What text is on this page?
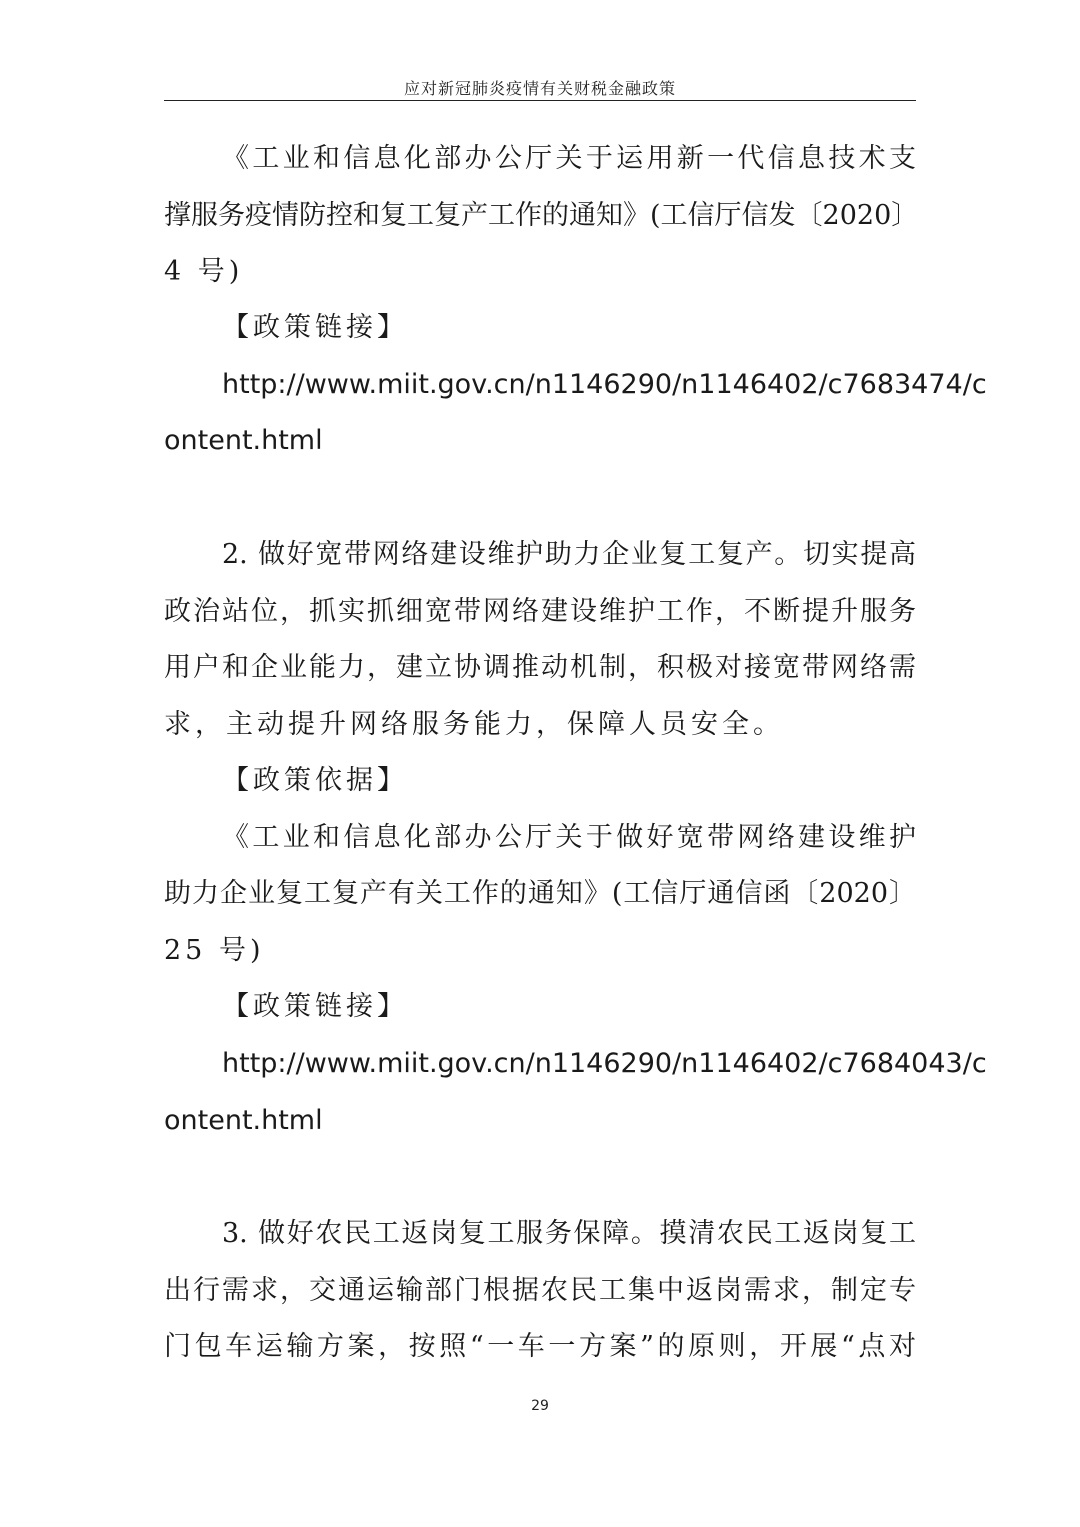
应对新冠肺炎疫情有关财税金融政策
《工业和信息化部办公厅关于运用新一代信息技术支
撑服务疫情防控和复工复产工作的通知》(工信厅信发〔2020〕
4 号)
【政策链接】
http://www.miit.gov.cn/n1146290/n1146402/c7683474/c
ontent.html
2. 做好宽带网络建设维护助力企业复工复产。切实提高
政治站位，抓实抓细宽带网络建设维护工作，不断提升服务
用户和企业能力，建立协调推动机制，积极对接宽带网络需
求，主动提升网络服务能力，保障人员安全。
【政策依据】
《工业和信息化部办公厅关于做好宽带网络建设维护
助力企业复工复产有关工作的通知》(工信厅通信函〔2020〕
25 号)
【政策链接】
http://www.miit.gov.cn/n1146290/n1146402/c7684043/c
ontent.html
3. 做好农民工返岗复工服务保障。摸清农民工返岗复工
出行需求，交通运输部门根据农民工集中返岗需求，制定专
门包车运输方案，按照“一车一方案”的原则，开展“点对
29
